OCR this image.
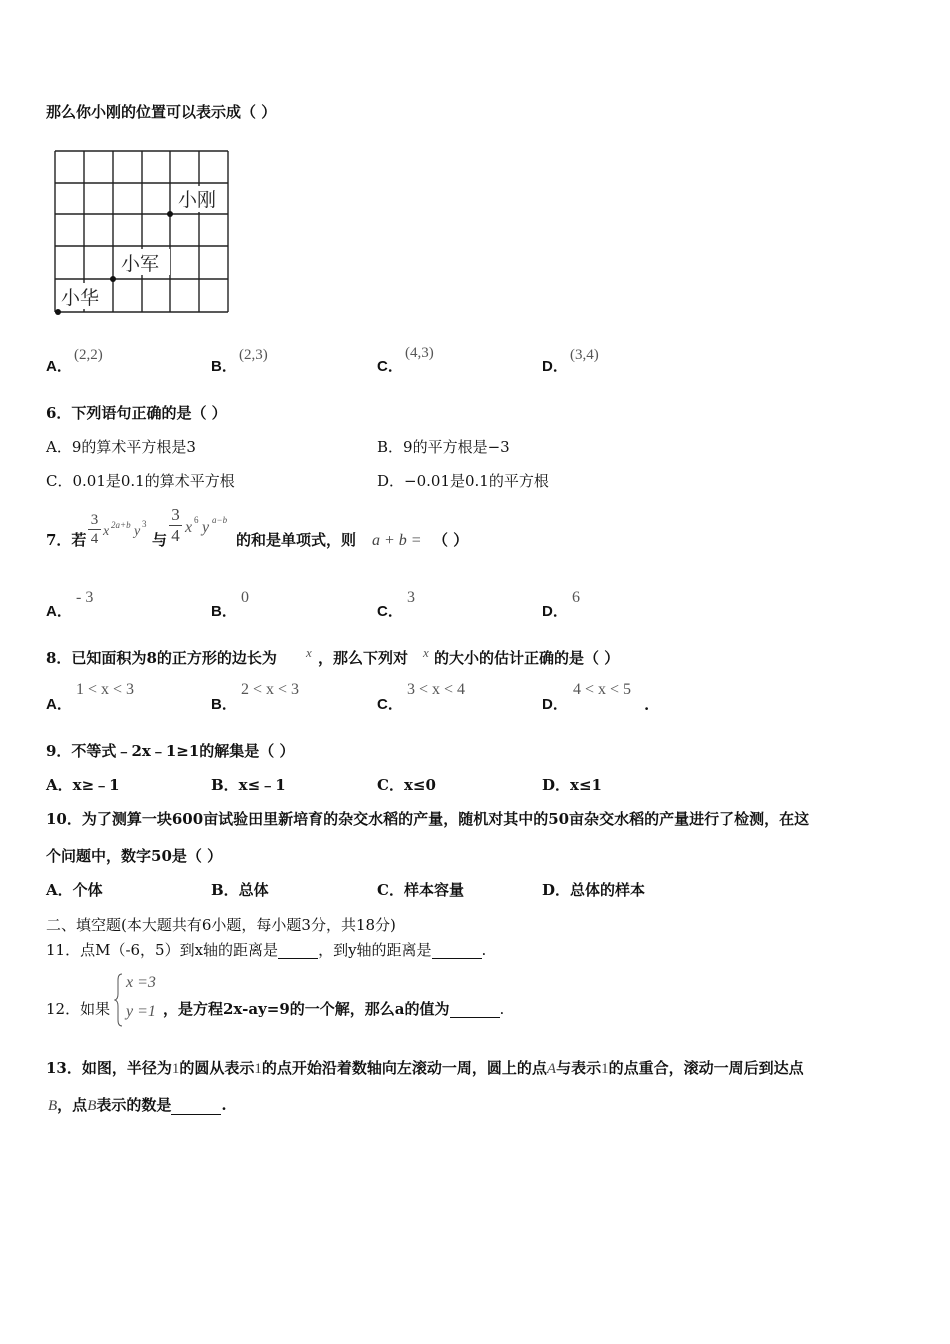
那么你小刚的位置可以表示成（ ）
小刚
小军
小华
A．
(2,2)
B．
(2,3)
C．
(4,3)
D．
(3,4)
6．下列语句正确的是（ ）
A．9的算术平方根是3	B．9的平方根是−3
C．0.01是0.1的算术平方根	D．−0.01是0.1的平方根
7．若
3
4 x 2a+b y 3
与
3
4 x 6 y a−b
的和是单项式，则 a + b = （ ）
A．
- 3
B．
0
C．
3
D．
6
8．已知面积为8的正方形的边长为 x ，那么下列对 x 的大小的估计正确的是（ ）
A．
1 < x < 3
B．
2 < x < 3
C．
3 < x < 4
D．
4 < x < 5
.
9．不等式﹣2x﹣1≥1的解集是（ ）
A．x≥﹣1	B．x≤﹣1	C．x≤0	D．x≤1
10．为了测算一块600亩试验田里新培育的杂交水稻的产量，随机对其中的50亩杂交水稻的产量进行了检测，在这
个问题中，数字50是（ ）
A．个体	B．总体	C．样本容量	D．总体的样本
二、填空题(本大题共有6小题，每小题3分，共18分)
11．点M（-6，5）到x轴的距离是	，到y轴的距离是	.
12．如果
x =3
y =1 ，是方程2x-ay=9的一个解，那么a的值为	.
13．如图，半径为1的圆从表示1的点开始沿着数轴向左滚动一周，圆上的点A与表示1的点重合，滚动一周后到达点
B，点B表示的数是	.
